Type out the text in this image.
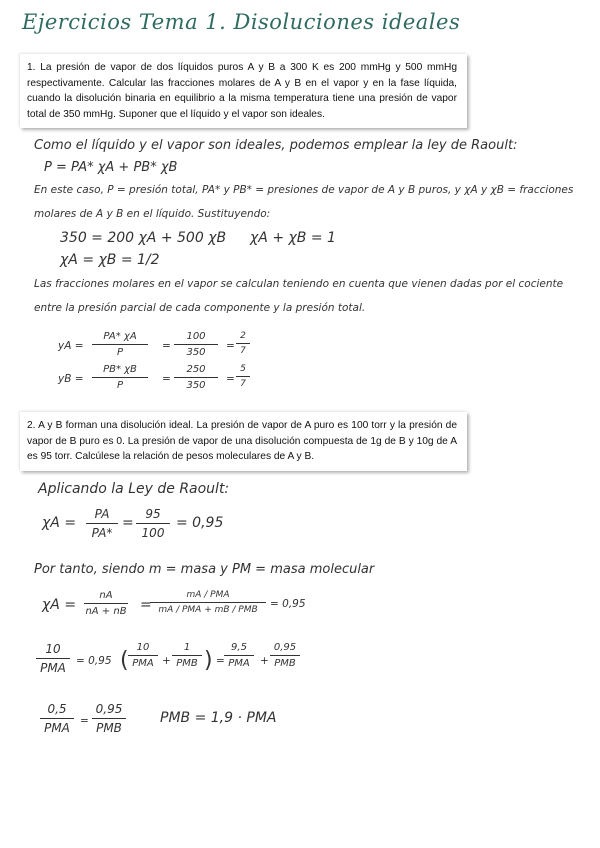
Ejercicios Tema 1. Disoluciones ideales
1. La presión de vapor de dos líquidos puros A y B a 300 K es 200 mmHg y 500 mmHg respectivamente. Calcular las fracciones molares de A y B en el vapor y en la fase líquida, cuando la disolución binaria en equilibrio a la misma temperatura tiene una presión de vapor total de 350 mmHg. Suponer que el líquido y el vapor son ideales.
Como el líquido y el vapor son ideales, podemos emplear la ley de Raoult:
P = PA* χA + PB* χB
En este caso, P = presión total, PA* y PB* = presiones de vapor de A y B puros, y χA y χB = fracciones
molares de A y B en el líquido. Sustituyendo:
350 = 200 χA + 500 χB χA + χB = 1
χA = χB = 1/2
Las fracciones molares en el vapor se calculan teniendo en cuenta que vienen dadas por el cociente
entre la presión parcial de cada componente y la presión total.
yA =
PA* χA
P
=
100
350
=
2
7
yB =
PB* χB
P
=
250
350
=
5
7
2. A y B forman una disolución ideal. La presión de vapor de A puro es 100 torr y la presión de vapor de B puro es 0. La presión de vapor de una disolución compuesta de 1g de B y 10g de A es 95 torr. Calcúlese la relación de pesos moleculares de A y B.
Aplicando la Ley de Raoult:
χA =
PA
PA*
=
95
100
= 0,95
Por tanto, siendo m = masa y PM = masa molecular
χA =
nA
nA + nB =
mA / PMA
mA / PMA + mB / PMB	= 0,95
10
PMA = 0,95 (
10
PMA +
1
PMB ) =
9,5
PMA +
0,95
PMB
0,5
PMA =
0,95
PMB
PMB = 1,9 · PMA
